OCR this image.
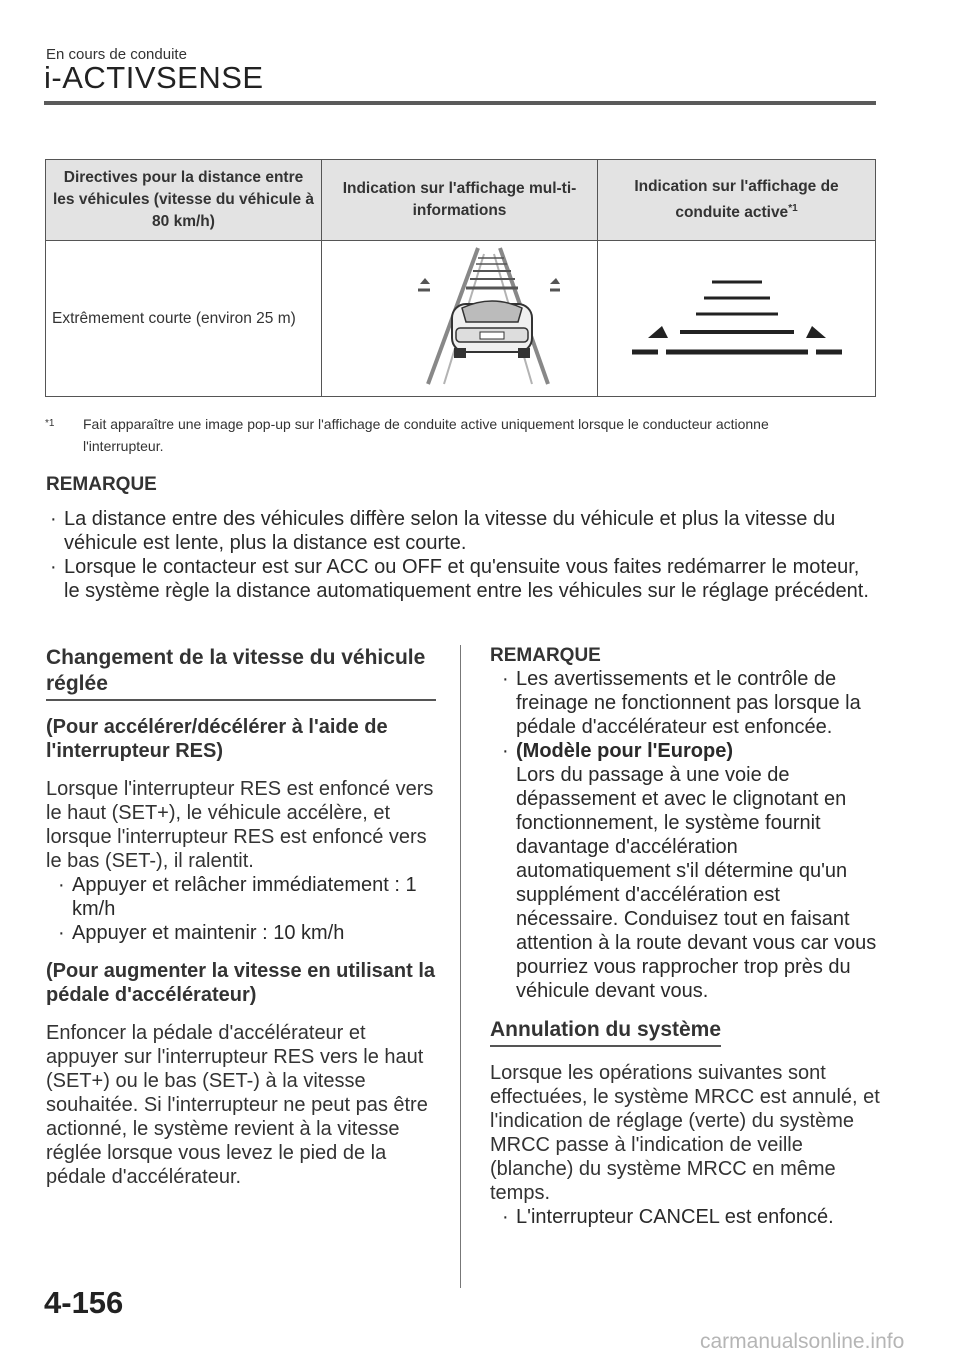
En cours de conduite
i-ACTIVSENSE
Directives pour la distance entre les véhicules (vitesse du véhicule à 80 km/h)	Indication sur l'affichage mul-ti-informations	Indication sur l'affichage de conduite active$^{*1}$
Extrêmement courte (environ 25 m)		
*1 Fait apparaître une image pop-up sur l'affichage de conduite active uniquement lorsque le conducteur actionne l'interrupteur.
REMARQUE
· La distance entre des véhicules diffère selon la vitesse du véhicule et plus la vitesse du véhicule est lente, plus la distance est courte.
· Lorsque le contacteur est sur ACC ou OFF et qu'ensuite vous faites redémarrer le moteur, le système règle la distance automatiquement entre les véhicules sur le réglage précédent.
Changement de la vitesse du véhicule réglée
(Pour accélérer/décélérer à l'aide de l'interrupteur RES)
Lorsque l'interrupteur RES est enfoncé vers le haut (SET+), le véhicule accélère, et lorsque l'interrupteur RES est enfoncé vers le bas (SET-), il ralentit.
· Appuyer et relâcher immédiatement : 1 km/h
· Appuyer et maintenir : 10 km/h
(Pour augmenter la vitesse en utilisant la pédale d'accélérateur)
Enfoncer la pédale d'accélérateur et appuyer sur l'interrupteur RES vers le haut (SET+) ou le bas (SET-) à la vitesse souhaitée. Si l'interrupteur ne peut pas être actionné, le système revient à la vitesse réglée lorsque vous levez le pied de la pédale d'accélérateur.
REMARQUE
· Les avertissements et le contrôle de freinage ne fonctionnent pas lorsque la pédale d'accélérateur est enfoncée.
· (Modèle pour l'Europe)
Lors du passage à une voie de dépassement et avec le clignotant en fonctionnement, le système fournit davantage d'accélération automatiquement s'il détermine qu'un supplément d'accélération est nécessaire. Conduisez tout en faisant attention à la route devant vous car vous pourriez vous rapprocher trop près du véhicule devant vous.
Annulation du système
Lorsque les opérations suivantes sont effectuées, le système MRCC est annulé, et l'indication de réglage (verte) du système MRCC passe à l'indication de veille (blanche) du système MRCC en même temps.
· L'interrupteur CANCEL est enfoncé.
4-156
carmanualsonline.info
